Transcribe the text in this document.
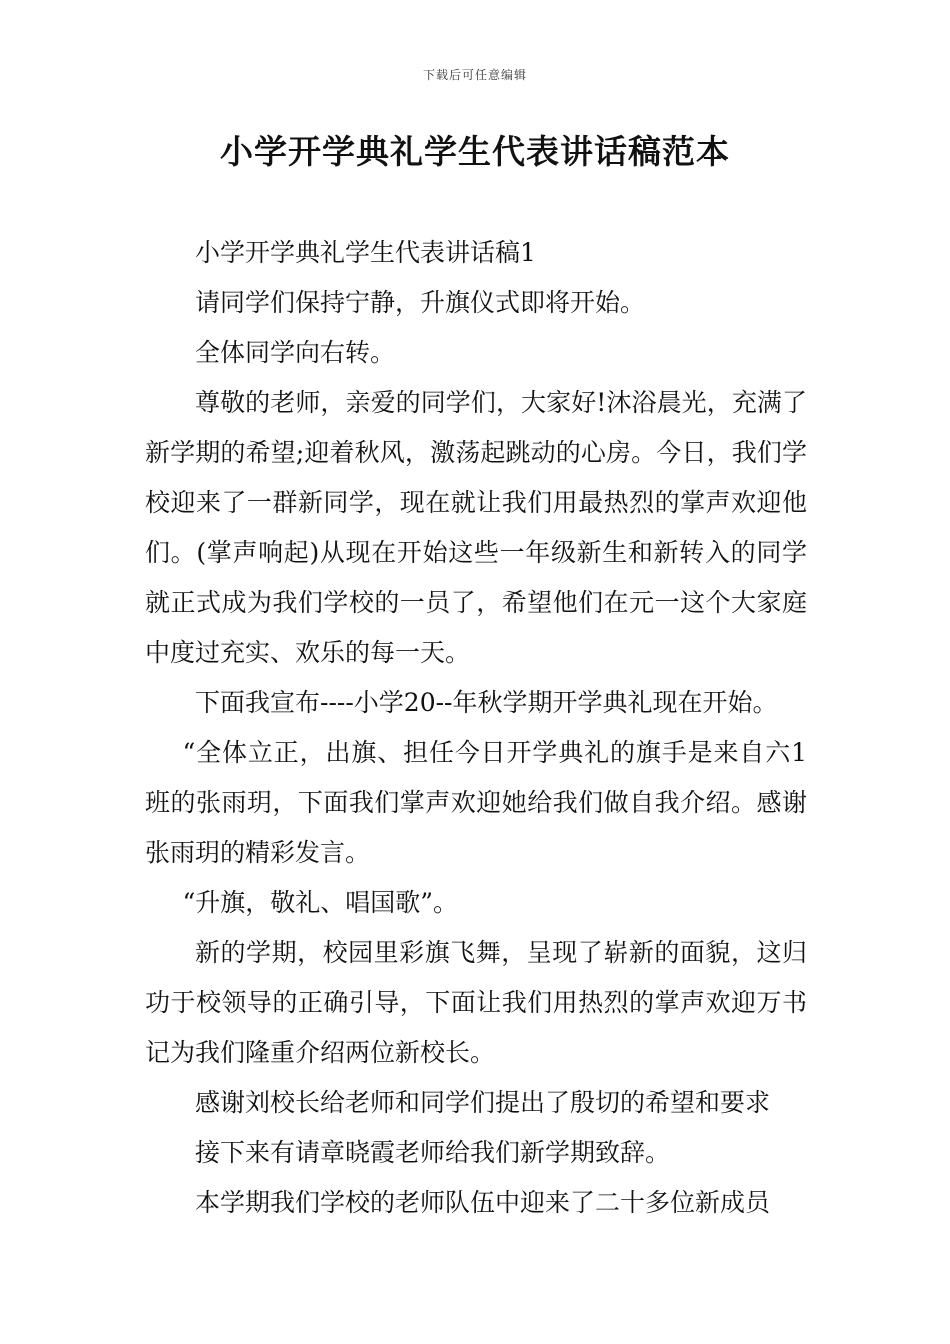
下载后可任意编辑
小学开学典礼学生代表讲话稿范本

小学开学典礼学生代表讲话稿1

请同学们保持宁静，升旗仪式即将开始。

全体同学向右转。

尊敬的老师，亲爱的同学们，大家好!沐浴晨光，充满了新学期的希望;迎着秋风，激荡起跳动的心房。今日，我们学校迎来了一群新同学，现在就让我们用最热烈的掌声欢迎他们。(掌声响起)从现在开始这些一年级新生和新转入的同学就正式成为我们学校的一员了，希望他们在元一这个大家庭中度过充实、欢乐的每一天。

下面我宣布----小学20--年秋学期开学典礼现在开始。

“全体立正，出旗、担任今日开学典礼的旗手是来自六1班的张雨玥，下面我们掌声欢迎她给我们做自我介绍。感谢张雨玥的精彩发言。

“升旗，敬礼、唱国歌”。

新的学期，校园里彩旗飞舞，呈现了崭新的面貌，这归功于校领导的正确引导，下面让我们用热烈的掌声欢迎万书记为我们隆重介绍两位新校长。

感谢刘校长给老师和同学们提出了殷切的希望和要求

接下来有请章晓霞老师给我们新学期致辞。

本学期我们学校的老师队伍中迎来了二十多位新成员
